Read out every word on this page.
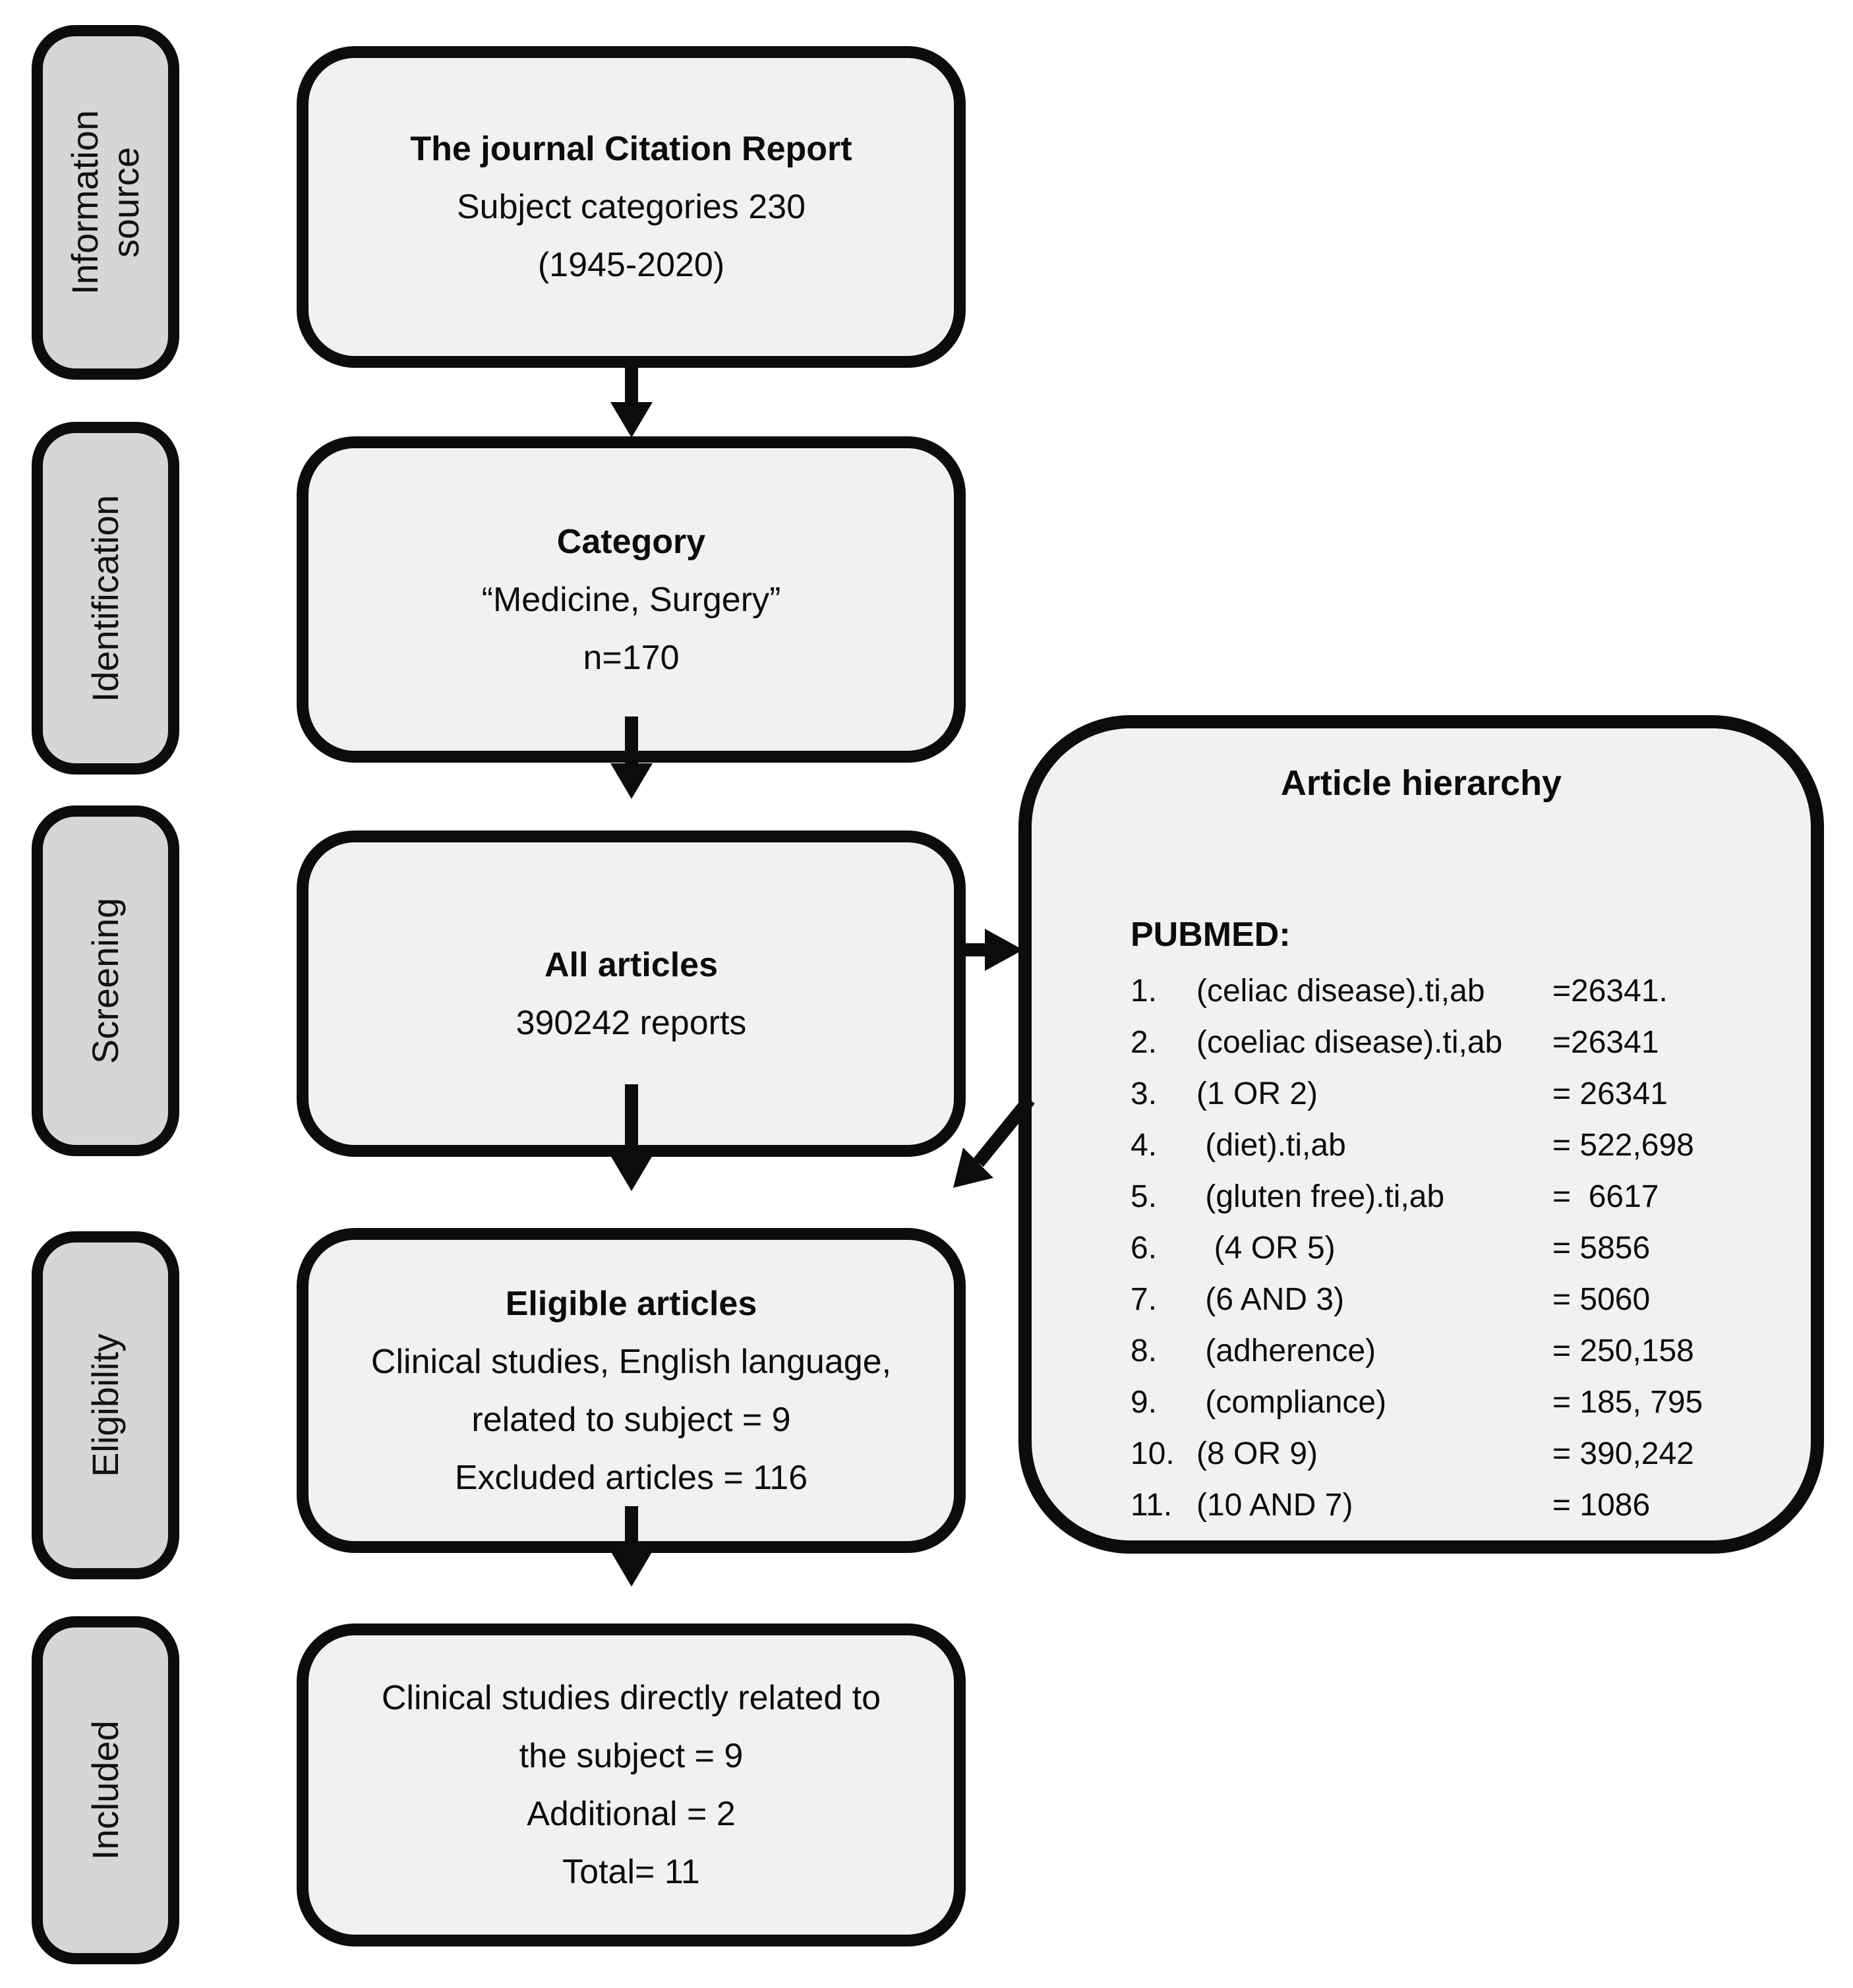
Information
source
Identification
Screening
Eligibility
Included
The journal Citation Report
Subject categories 230
(1945-2020)
Category
“Medicine, Surgery”
n=170
All articles
390242 reports
Eligible articles
Clinical studies, English language,
related to subject = 9
Excluded articles = 116
Clinical studies directly related to
the subject = 9
Additional = 2
Total= 11
Article hierarchy
PUBMED:
1.	(celiac disease).ti,ab	=26341.
2.	(coeliac disease).ti,ab	=26341
3.	(1 OR 2)	= 26341
4.	(diet).ti,ab	= 522,698
5.	(gluten free).ti,ab	=  6617
6.	(4 OR 5)	= 5856
7.	(6 AND 3)	= 5060
8.	(adherence)	= 250,158
9.	(compliance)	= 185, 795
10. (8 OR 9)	= 390,242
11. (10 AND 7)	= 1086
